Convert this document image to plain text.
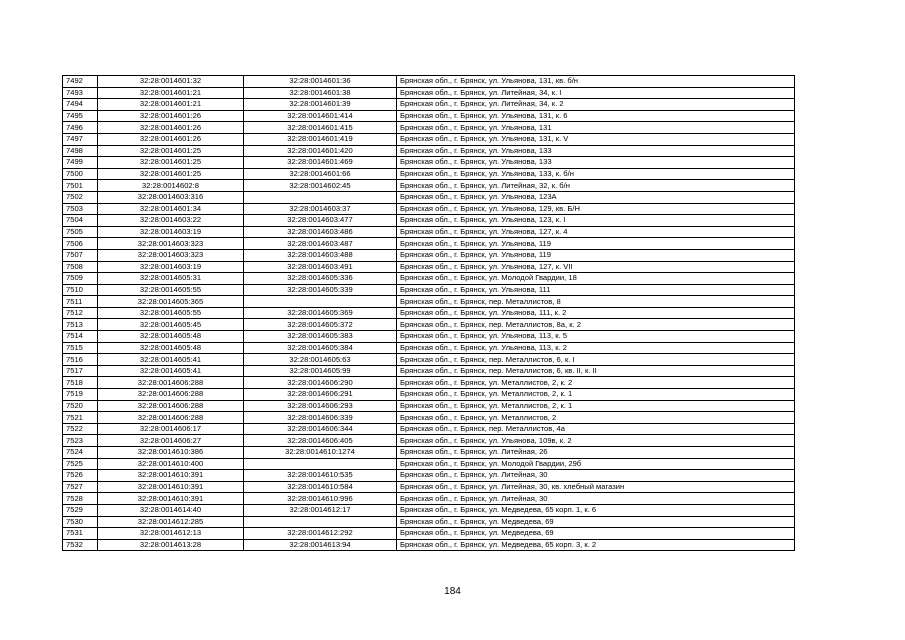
7492	32:28:0014601:32	32:28:0014601:36	Брянская обл., г. Брянск, ул. Ульянова, 131, кв. б/н
7493	32:28:0014601:21	32:28:0014601:38	Брянская обл., г. Брянск, ул. Литейная, 34, к. I
7494	32:28:0014601:21	32:28:0014601:39	Брянская обл., г. Брянск, ул. Литейная, 34, к. 2
7495	32:28:0014601:26	32:28:0014601:414	Брянская обл., г. Брянск, ул. Ульянова, 131, к. 6
7496	32:28:0014601:26	32:28:0014601:415	Брянская обл., г. Брянск, ул. Ульянова, 131
7497	32:28:0014601:26	32:28:0014601:419	Брянская обл., г. Брянск, ул. Ульянова, 131, к. V
7498	32:28:0014601:25	32:28:0014601:420	Брянская обл., г. Брянск, ул. Ульянова, 133
7499	32:28:0014601:25	32:28:0014601:469	Брянская обл., г. Брянск, ул. Ульянова, 133
7500	32:28:0014601:25	32:28:0014601:66	Брянская обл., г. Брянск, ул. Ульянова, 133, к. б/н
7501	32:28:0014602:8	32:28:0014602:45	Брянская обл., г. Брянск, ул. Литейная, 32, к. б/н
7502	32:28:0014603:316		Брянская обл., г. Брянск, ул. Ульянова, 123А
7503	32:28:0014601:34	32:28:0014603:37	Брянская обл., г. Брянск, ул. Ульянова, 129, кв. Б/Н
7504	32:28:0014603:22	32:28:0014603:477	Брянская обл., г. Брянск, ул. Ульянова, 123, к. I
7505	32:28:0014603:19	32:28:0014603:486	Брянская обл., г. Брянск, ул. Ульянова, 127, к. 4
7506	32:28:0014603:323	32:28:0014603:487	Брянская обл., г. Брянск, ул. Ульянова, 119
7507	32:28:0014603:323	32:28:0014603:488	Брянская обл., г. Брянск, ул. Ульянова, 119
7508	32:28:0014603:19	32:28:0014603:491	Брянская обл., г. Брянск, ул. Ульянова, 127, к. VII
7509	32:28:0014605:31	32:28:0014605:336	Брянская обл., г. Брянск, ул. Молодой Гвардии, 18
7510	32:28:0014605:55	32:28:0014605:339	Брянская обл., г. Брянск, ул. Ульянова, 111
7511	32:28:0014605:365		Брянская обл., г. Брянск, пер. Металлистов, 8
7512	32:28:0014605:55	32:28:0014605:369	Брянская обл., г. Брянск, ул. Ульянова, 111, к. 2
7513	32:28:0014605:45	32:28:0014605:372	Брянская обл., г. Брянск, пер. Металлистов, 8а, к. 2
7514	32:28:0014605:48	32:28:0014605:383	Брянская обл., г. Брянск, ул. Ульянова, 113, к. 5
7515	32:28:0014605:48	32:28:0014605:384	Брянская обл., г. Брянск, ул. Ульянова, 113, к. 2
7516	32:28:0014605:41	32:28:0014605:63	Брянская обл., г. Брянск, пер. Металлистов, 6, к. I
7517	32:28:0014605:41	32:28:0014605:99	Брянская обл., г. Брянск, пер. Металлистов, 6, кв. II, к. II
7518	32:28:0014606:288	32:28:0014606:290	Брянская обл., г. Брянск, ул. Металлистов, 2, к. 2
7519	32:28:0014606:288	32:28:0014606:291	Брянская обл., г. Брянск, ул. Металлистов, 2, к. 1
7520	32:28:0014606:288	32:28:0014606:293	Брянская обл., г. Брянск, ул. Металлистов, 2, к. 1
7521	32:28:0014606:288	32:28:0014606:339	Брянская обл., г. Брянск, ул. Металлистов, 2
7522	32:28:0014606:17	32:28:0014606:344	Брянская обл., г. Брянск, пер. Металлистов, 4а
7523	32:28:0014606:27	32:28:0014606:405	Брянская обл., г. Брянск, ул. Ульянова, 109в, к. 2
7524	32:28:0014610:386	32:28:0014610:1274	Брянская обл., г. Брянск, ул. Литейная, 26
7525	32:28:0014610:400		Брянская обл., г. Брянск, ул. Молодой Гвардии, 29б
7526	32:28:0014610:391	32:28:0014610:535	Брянская обл., г. Брянск, ул. Литейная, 30
7527	32:28:0014610:391	32:28:0014610:584	Брянская обл., г. Брянск, ул. Литейная, 30, кв. хлебный магазин
7528	32:28:0014610:391	32:28:0014610:996	Брянская обл., г. Брянск, ул. Литейная, 30
7529	32:28:0014614:40	32:28:0014612:17	Брянская обл., г. Брянск, ул. Медведева, 65 корп. 1, к. 6
7530	32:28:0014612:285		Брянская обл., г. Брянск, ул. Медведева, 69
7531	32:28:0014612:13	32:28:0014612:292	Брянская обл., г. Брянск, ул. Медведева, 69
7532	32:28:0014613:28	32:28:0014613:94	Брянская обл., г. Брянск, ул. Медведева, 65 корп. 3, к. 2
184
